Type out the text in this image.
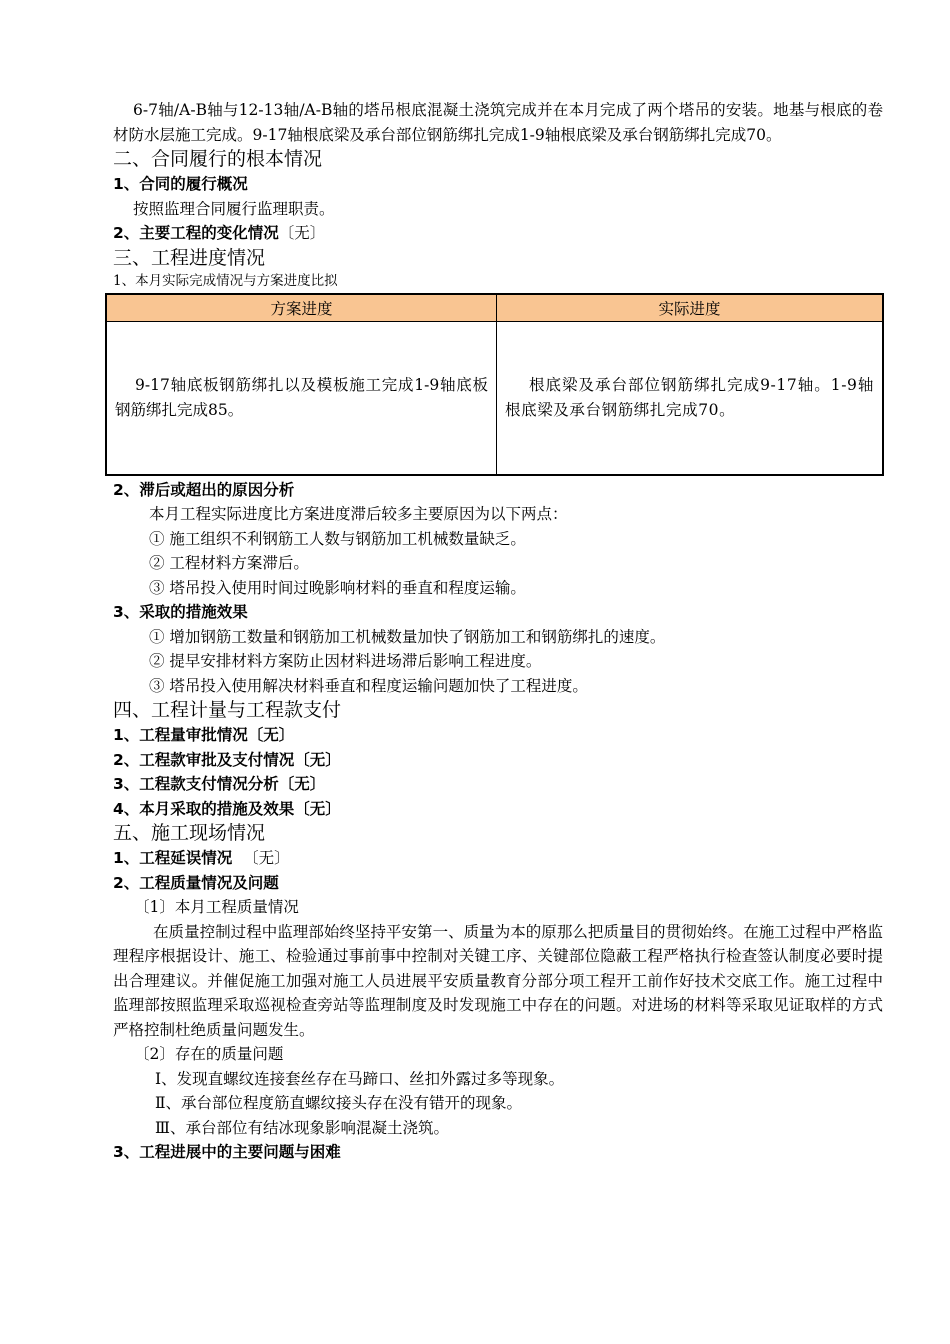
6-7轴/A-B轴与12-13轴/A-B轴的塔吊根底混凝土浇筑完成并在本月完成了两个塔吊的安装。地基与根底的卷材防水层施工完成。9-17轴根底梁及承台部位钢筋绑扎完成1-9轴根底梁及承台钢筋绑扎完成70。

二、合同履行的根本情况

1、合同的履行概况

按照监理合同履行监理职责。

2、主要工程的变化情况〔无〕

三、工程进度情况

1、本月实际完成情况与方案进度比拟

方案进度	实际进度
9-17轴底板钢筋绑扎以及模板施工完成1-9轴底板钢筋绑扎完成85。	根底梁及承台部位钢筋绑扎完成9-17轴。1-9轴根底梁及承台钢筋绑扎完成70。

2、滞后或超出的原因分析

本月工程实际进度比方案进度滞后较多主要原因为以下两点：

① 施工组织不利钢筋工人数与钢筋加工机械数量缺乏。

② 工程材料方案滞后。

③ 塔吊投入使用时间过晚影响材料的垂直和程度运输。

3、采取的措施效果

① 增加钢筋工数量和钢筋加工机械数量加快了钢筋加工和钢筋绑扎的速度。

② 提早安排材料方案防止因材料进场滞后影响工程进度。

③ 塔吊投入使用解决材料垂直和程度运输问题加快了工程进度。

四、工程计量与工程款支付

1、工程量审批情况〔无〕

2、工程款审批及支付情况〔无〕

3、工程款支付情况分析〔无〕

4、本月采取的措施及效果〔无〕

五、施工现场情况

1、工程延误情况 〔无〕

2、工程质量情况及问题

〔1〕本月工程质量情况

在质量控制过程中监理部始终坚持平安第一、质量为本的原那么把质量目的贯彻始终。在施工过程中严格监理程序根据设计、施工、检验通过事前事中控制对关键工序、关键部位隐蔽工程严格执行检查签认制度必要时提出合理建议。并催促施工加强对施工人员进展平安质量教育分部分项工程开工前作好技术交底工作。施工过程中监理部按照监理采取巡视检查旁站等监理制度及时发现施工中存在的问题。对进场的材料等采取见证取样的方式严格控制杜绝质量问题发生。

〔2〕存在的质量问题

Ⅰ、发现直螺纹连接套丝存在马蹄口、丝扣外露过多等现象。

Ⅱ、承台部位程度筋直螺纹接头存在没有错开的现象。

Ⅲ、承台部位有结冰现象影响混凝土浇筑。

3、工程进展中的主要问题与困难
